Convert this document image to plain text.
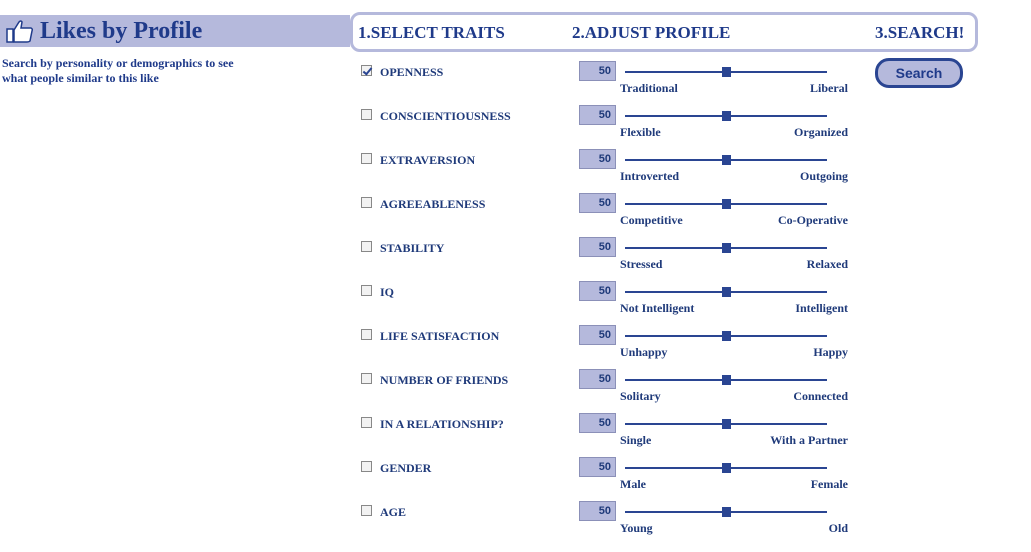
Likes by Profile
Search by personality or demographics to see what people similar to this like
1.SELECT TRAITS	2.ADJUST PROFILE	3.SEARCH!
Search
OPENNESS	50
Traditional	Liberal
CONSCIENTIOUSNESS	50
Flexible	Organized
EXTRAVERSION	50
Introverted	Outgoing
AGREEABLENESS	50
Competitive	Co-Operative
STABILITY	50
Stressed	Relaxed
IQ	50
Not Intelligent	Intelligent
LIFE SATISFACTION	50
Unhappy	Happy
NUMBER OF FRIENDS	50
Solitary	Connected
IN A RELATIONSHIP?	50
Single	With a Partner
GENDER	50
Male	Female
AGE	50
Young	Old
